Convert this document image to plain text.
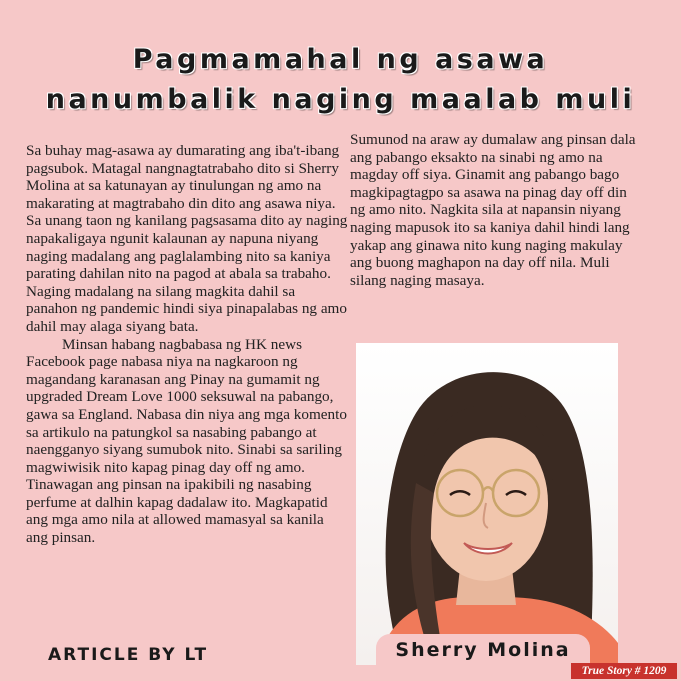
Pagmamahal ng asawa
nanumbalik naging maalab muli

Sa buhay mag-asawa ay dumarating ang iba't-ibang pagsubok. Matagal nangnagtatrabaho dito si Sherry Molina at sa katunayan ay tinulungan ng amo na makarating at magtrabaho din dito ang asawa niya. Sa unang taon ng kanilang pagsasama dito ay naging napakaligaya ngunit kalaunan ay napuna niyang naging madalang ang paglalambing nito sa kaniya parating dahilan nito na pagod at abala sa trabaho. Naging madalang na silang magkita dahil sa panahon ng pandemic hindi siya pinapalabas ng amo dahil may alaga siyang bata.

Minsan habang nagbabasa ng HK news Facebook page nabasa niya na nagkaroon ng magandang karanasan ang Pinay na gumamit ng upgraded Dream Love 1000 seksuwal na pabango, gawa sa England. Nabasa din niya ang mga komento sa artikulo na patungkol sa nasabing pabango at naengganyo siyang sumubok nito. Sinabi sa sariling magwiwisik nito kapag pinag day off ng amo. Tinawagan ang pinsan na ipakibili ng nasabing perfume at dalhin kapag dadalaw ito. Magkapatid ang mga amo nila at allowed mamasyal sa kanila ang pinsan.

Sumunod na araw ay dumalaw ang pinsan dala ang pabango eksakto na sinabi ng amo na magday off siya. Ginamit ang pabango bago magkipagtagpo sa asawa na pinag day off din ng amo nito. Nagkita sila at napansin niyang naging mapusok ito sa kaniya dahil hindi lang yakap ang ginawa nito kung naging makulay ang buong maghapon na day off nila. Muli silang naging masaya.

Sherry Molina
ARTICLE BY LT
True Story # 1209
